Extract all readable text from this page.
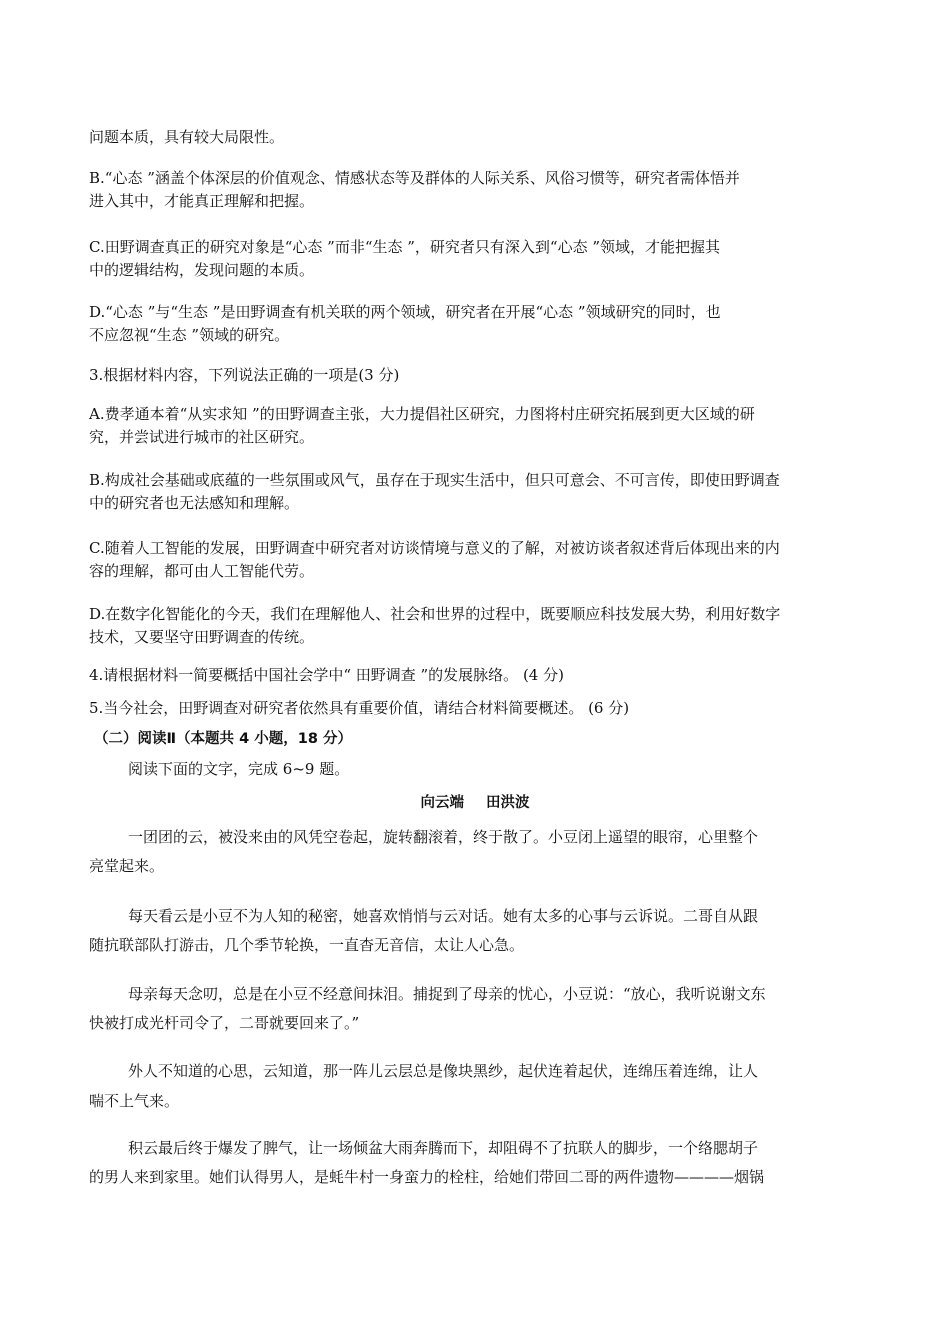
问题本质，具有较大局限性。
B.“心态 ”涵盖个体深层的价值观念、情感状态等及群体的人际关系、风俗习惯等，研究者需体悟并
进入其中，才能真正理解和把握。
C.田野调查真正的研究对象是“心态 ”而非“生态 ”，研究者只有深入到“心态 ”领域，才能把握其
中的逻辑结构，发现问题的本质。
D.“心态 ”与“生态 ”是田野调查有机关联的两个领域，研究者在开展“心态 ”领域研究的同时，也
不应忽视“生态 ”领域的研究。
3.根据材料内容，下列说法正确的一项是(3 分)
A.费孝通本着“从实求知 ”的田野调查主张，大力提倡社区研究，力图将村庄研究拓展到更大区域的研
究，并尝试进行城市的社区研究。
B.构成社会基础或底蕴的一些氛围或风气，虽存在于现实生活中，但只可意会、不可言传，即使田野调查
中的研究者也无法感知和理解。
C.随着人工智能的发展，田野调查中研究者对访谈情境与意义的了解，对被访谈者叙述背后体现出来的内
容的理解，都可由人工智能代劳。
D.在数字化智能化的今天，我们在理解他人、社会和世界的过程中，既要顺应科技发展大势，利用好数字
技术，又要坚守田野调查的传统。
4.请根据材料一简要概括中国社会学中“ 田野调查 ”的发展脉络。 (4 分)
5.当今社会，田野调查对研究者依然具有重要价值，请结合材料简要概述。 (6 分)
（二）阅读Ⅱ（本题共 4 小题，18 分）
阅读下面的文字，完成 6~9 题。
向云端 田洪波
一团团的云，被没来由的风凭空卷起，旋转翻滚着，终于散了。小豆闭上遥望的眼帘，心里整个
亮堂起来。
每天看云是小豆不为人知的秘密，她喜欢悄悄与云对话。她有太多的心事与云诉说。二哥自从跟
随抗联部队打游击，几个季节轮换，一直杳无音信，太让人心急。
母亲每天念叨，总是在小豆不经意间抹泪。捕捉到了母亲的忧心，小豆说：“放心，我听说谢文东
快被打成光杆司令了，二哥就要回来了。”
外人不知道的心思，云知道，那一阵儿云层总是像块黑纱，起伏连着起伏，连绵压着连绵，让人
喘不上气来。
积云最后终于爆发了脾气，让一场倾盆大雨奔腾而下，却阻碍不了抗联人的脚步，一个络腮胡子
的男人来到家里。她们认得男人，是蚝牛村一身蛮力的栓柱，给她们带回二哥的两件遗物————烟锅
